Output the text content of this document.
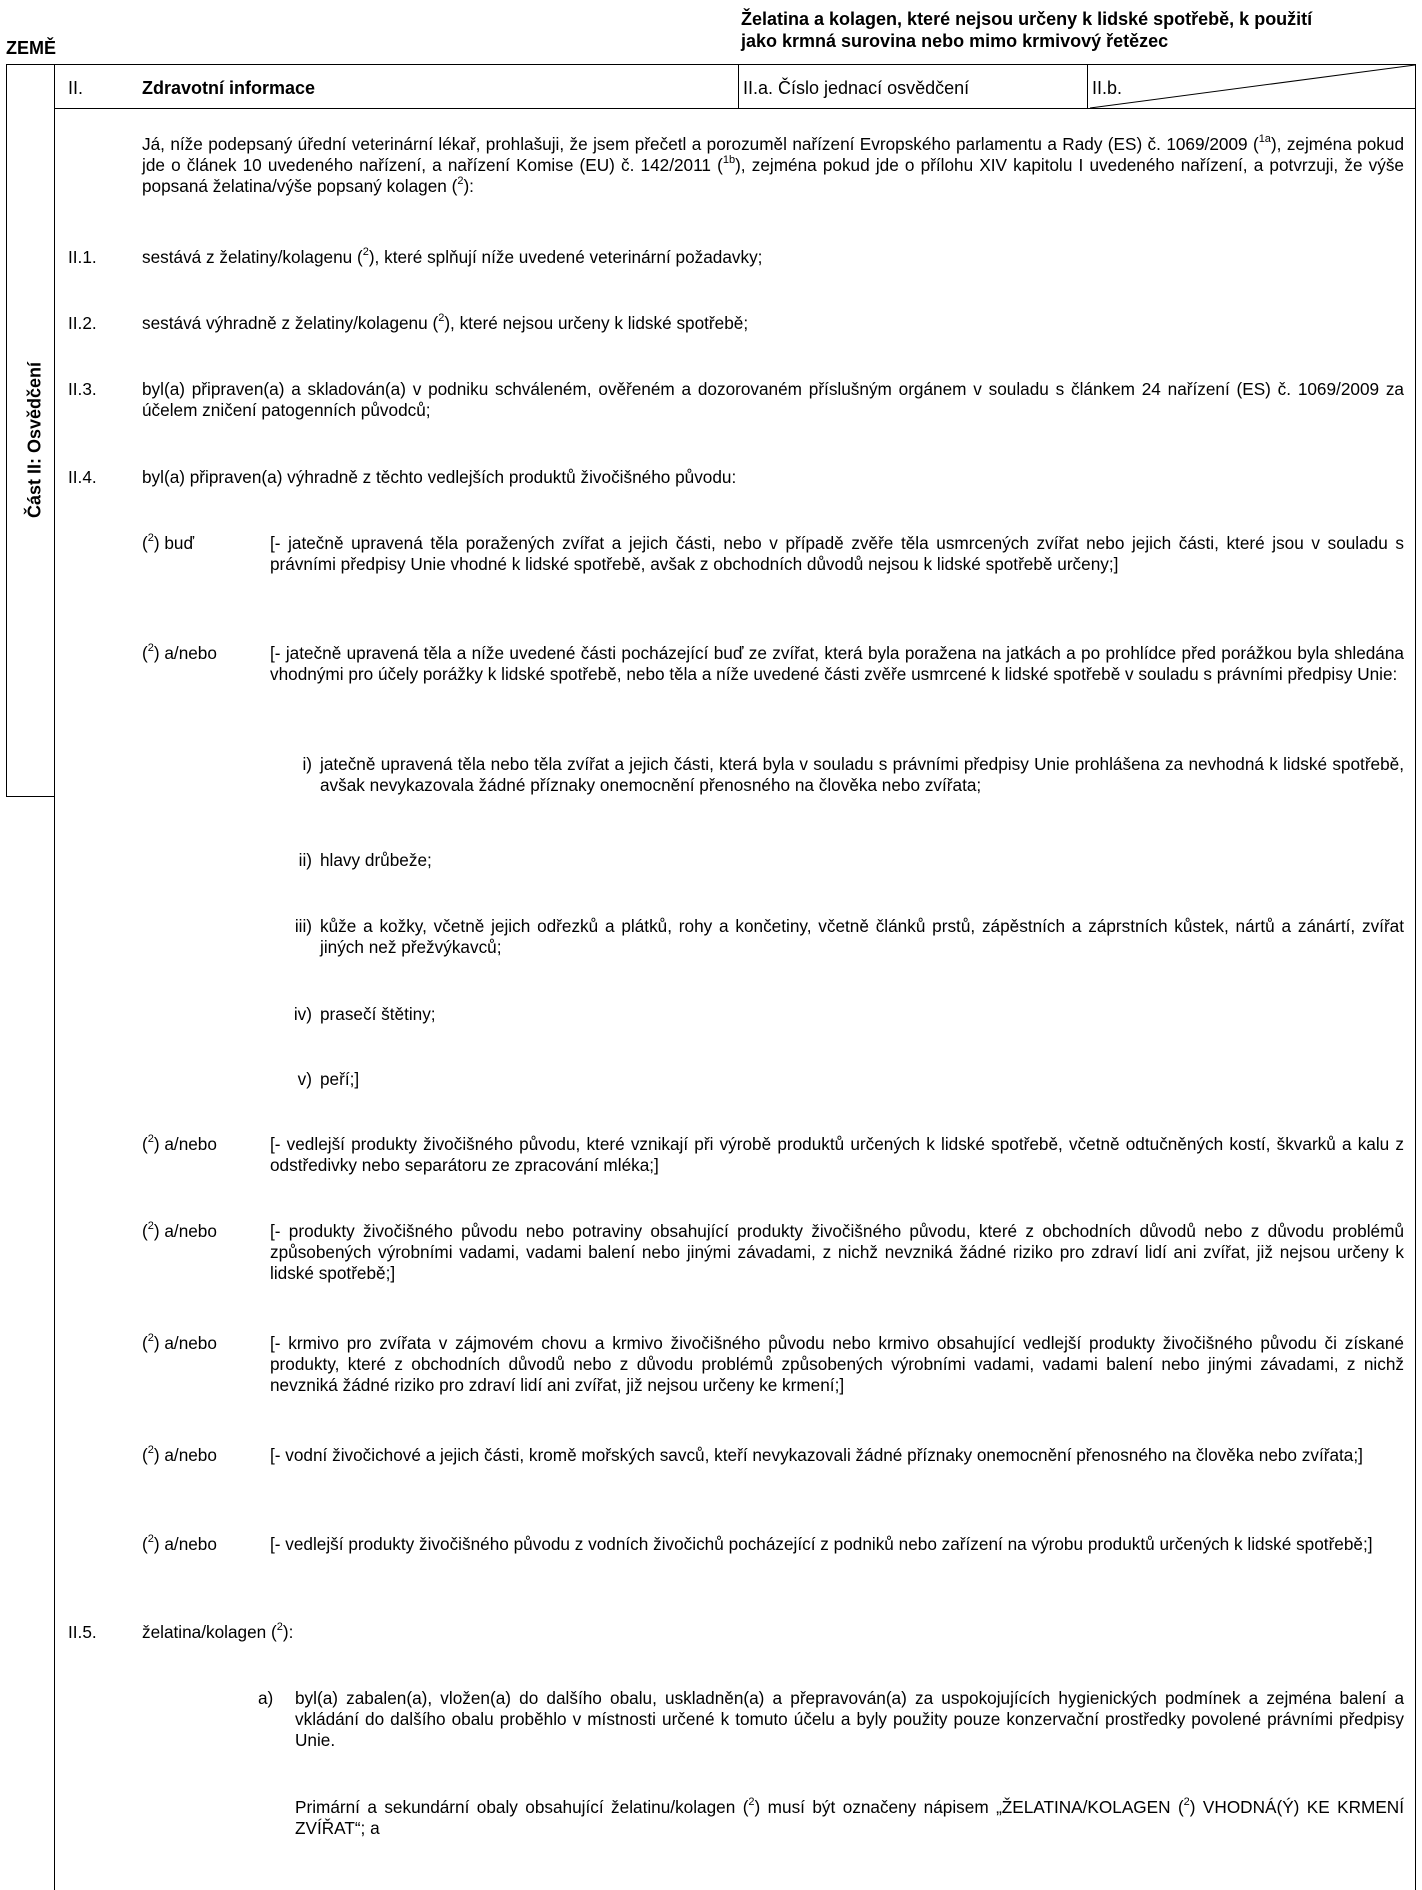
ZEMĚ
Želatina a kolagen, které nejsou určeny k lidské spotřebě, k použití
jako krmná surovina nebo mimo krmivový řetězec
Část II: Osvědčení
II.	Zdravotní informace	II.a. Číslo jednací osvědčení	II.b.
Já, níže podepsaný úřední veterinární lékař, prohlašuji, že jsem přečetl a porozuměl nařízení Evropského parlamentu a Rady (ES) č. 1069/2009 ($^{1a}$), zejména pokud jde o článek 10 uvedeného nařízení, a nařízení Komise (EU) č. 142/2011 ($^{1b}$), zejména pokud jde o přílohu XIV kapitolu I uvedeného nařízení, a potvrzuji, že výše popsaná želatina/výše popsaný kolagen ($^2$):
II.1.	sestává z želatiny/kolagenu ($^2$), které splňují níže uvedené veterinární požadavky;
II.2.	sestává výhradně z želatiny/kolagenu ($^2$), které nejsou určeny k lidské spotřebě;
II.3.	byl(a) připraven(a) a skladován(a) v podniku schváleném, ověřeném a dozorovaném příslušným orgánem v souladu s článkem 24 nařízení (ES) č. 1069/2009 za účelem zničení patogenních původců;
II.4.	byl(a) připraven(a) výhradně z těchto vedlejších produktů živočišného původu:
($^2$) buď	[- jatečně upravená těla poražených zvířat a jejich části, nebo v případě zvěře těla usmrcených zvířat nebo jejich části, které jsou v souladu s právními předpisy Unie vhodné k lidské spotřebě, avšak z obchodních důvodů nejsou k lidské spotřebě určeny;]
($^2$) a/nebo	[- jatečně upravená těla a níže uvedené části pocházející buď ze zvířat, která byla poražena na jatkách a po prohlídce před porážkou byla shledána vhodnými pro účely porážky k lidské spotřebě, nebo těla a níže uvedené části zvěře usmrcené k lidské spotřebě v souladu s právními předpisy Unie:
i) jatečně upravená těla nebo těla zvířat a jejich části, která byla v souladu s právními předpisy Unie prohlášena za nevhodná k lidské spotřebě, avšak nevykazovala žádné příznaky onemocnění přenosného na člověka nebo zvířata;
ii) hlavy drůbeže;
iii) kůže a kožky, včetně jejich odřezků a plátků, rohy a končetiny, včetně článků prstů, zápěstních a záprstních kůstek, nártů a zánártí, zvířat jiných než přežvýkavců;
iv) prasečí štětiny;
v) peří;]
($^2$) a/nebo	[- vedlejší produkty živočišného původu, které vznikají při výrobě produktů určených k lidské spotřebě, včetně odtučněných kostí, škvarků a kalu z odstředivky nebo separátoru ze zpracování mléka;]
($^2$) a/nebo	[- produkty živočišného původu nebo potraviny obsahující produkty živočišného původu, které z obchodních důvodů nebo z důvodu problémů způsobených výrobními vadami, vadami balení nebo jinými závadami, z nichž nevzniká žádné riziko pro zdraví lidí ani zvířat, již nejsou určeny k lidské spotřebě;]
($^2$) a/nebo	[- krmivo pro zvířata v zájmovém chovu a krmivo živočišného původu nebo krmivo obsahující vedlejší produkty živočišného původu či získané produkty, které z obchodních důvodů nebo z důvodu problémů způsobených výrobními vadami, vadami balení nebo jinými závadami, z nichž nevzniká žádné riziko pro zdraví lidí ani zvířat, již nejsou určeny ke krmení;]
($^2$) a/nebo	[- vodní živočichové a jejich části, kromě mořských savců, kteří nevykazovali žádné příznaky onemocnění přenosného na člověka nebo zvířata;]
($^2$) a/nebo	[- vedlejší produkty živočišného původu z vodních živočichů pocházející z podniků nebo zařízení na výrobu produktů určených k lidské spotřebě;]
II.5.	želatina/kolagen ($^2$):
a) byl(a) zabalen(a), vložen(a) do dalšího obalu, uskladněn(a) a přepravován(a) za uspokojujících hygienických podmínek a zejména balení a vkládání do dalšího obalu proběhlo v místnosti určené k tomuto účelu a byly použity pouze konzervační prostředky povolené právními předpisy Unie.
Primární a sekundární obaly obsahující želatinu/kolagen ($^2$) musí být označeny nápisem „ŽELATINA/KOLAGEN ($^2$) VHODNÁ(Ý) KE KRMENÍ ZVÍŘAT“; a
